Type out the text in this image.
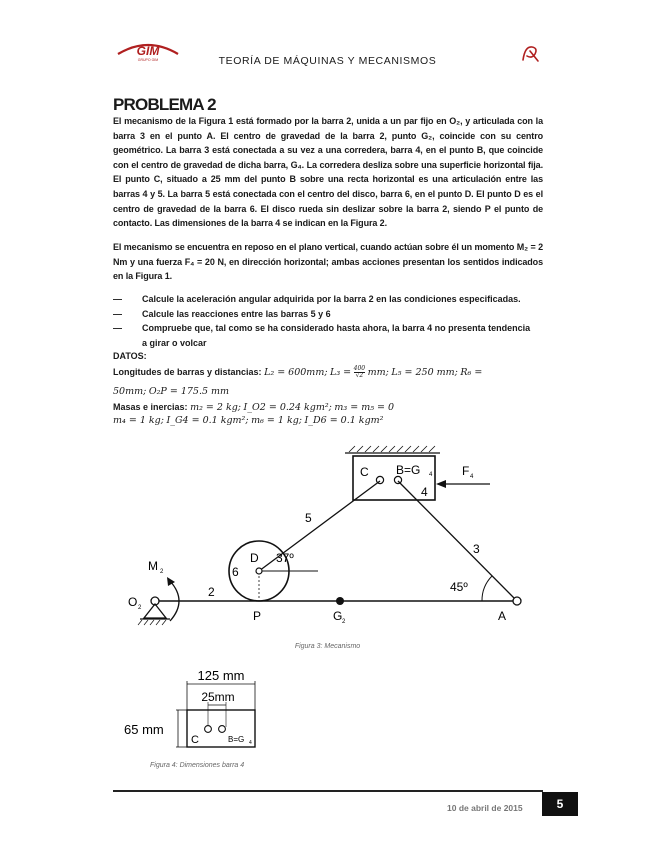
GIM
GRUPO GIM	TEORÍA DE MÁQUINAS Y MECANISMOS
PROBLEMA 2
El mecanismo de la Figura 1 está formado por la barra 2, unida a un par fijo en O₂, y articulada con la barra 3 en el punto A. El centro de gravedad de la barra 2, punto G₂, coincide con su centro geométrico. La barra 3 está conectada a su vez a una corredera, barra 4, en el punto B, que coincide con el centro de gravedad de dicha barra, G₄. La corredera desliza sobre una superficie horizontal fija. El punto C, situado a 25 mm del punto B sobre una recta horizontal es una articulación entre las barras 4 y 5. La barra 5 está conectada con el centro del disco, barra 6, en el punto D. El punto D es el centro de gravedad de la barra 6. El disco rueda sin deslizar sobre la barra 2, siendo P el punto de contacto. Las dimensiones de la barra 4 se indican en la Figura 2.
El mecanismo se encuentra en reposo en el plano vertical, cuando actúan sobre él un momento M₂ = 2 Nm y una fuerza F₄ = 20 N, en dirección horizontal; ambas acciones presentan los sentidos indicados en la Figura 1.
— Calcule la aceleración angular adquirida por la barra 2 en las condiciones especificadas.
— Calcule las reacciones entre las barras 5 y 6
— Compruebe que, tal como se ha considerado hasta ahora, la barra 4 no presenta tendencia a girar o volcar
DATOS:
Longitudes de barras y distancias: L₂ = 600mm; $L_3 = \frac{400}{√2}$ mm; L₅ = 250 mm; R₆ =
50mm; O₂P = 175.5 mm
Masas e inercias: m₂ = 2 kg; I_O2 = 0.24 kgm²; m₃ = m₅ = 0
m₄ = 1 kg; I_G4 = 0.1 kgm²; m₆ = 1 kg; I_D6 = 0.1 kgm²
C B=G 4
4
F 4
5
3
D 37º
6
2
M 2
O 2
P	G 2
45º
A
125 mm
25mm
C	B=G 4
65 mm
Figura 3: Mecanismo
Figura 4: Dimensiones barra 4
10 de abril de 2015	5
